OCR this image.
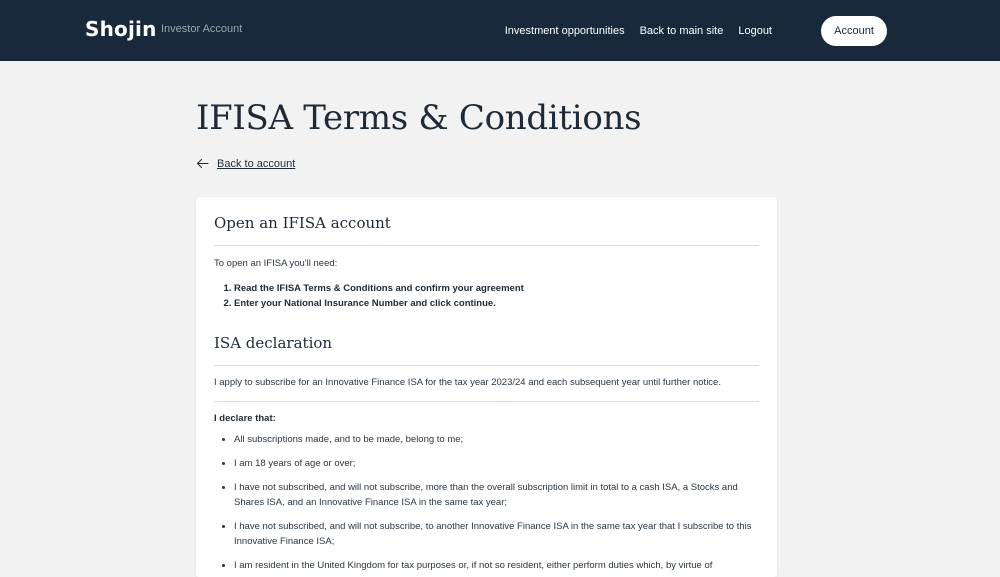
Shojin Investor Account	Investment opportunities Back to main site Logout	Account
IFISA Terms & Conditions
Back to account
Open an IFISA account

To open an IFISA you'll need:

1. Read the IFISA Terms & Conditions and confirm your agreement
2. Enter your National Insurance Number and click continue.
ISA declaration

I apply to subscribe for an Innovative Finance ISA for the tax year 2023/24 and each subsequent year until further notice.

I declare that:

• All subscriptions made, and to be made, belong to me;
• I am 18 years of age or over;
• I have not subscribed, and will not subscribe, more than the overall subscription limit in total to a cash ISA, a Stocks and Shares ISA, and an Innovative Finance ISA in the same tax year;
• I have not subscribed, and will not subscribe, to another Innovative Finance ISA in the same tax year that I subscribe to this Innovative Finance ISA;
• I am resident in the United Kingdom for tax purposes or, if not so resident, either perform duties which, by virtue of
